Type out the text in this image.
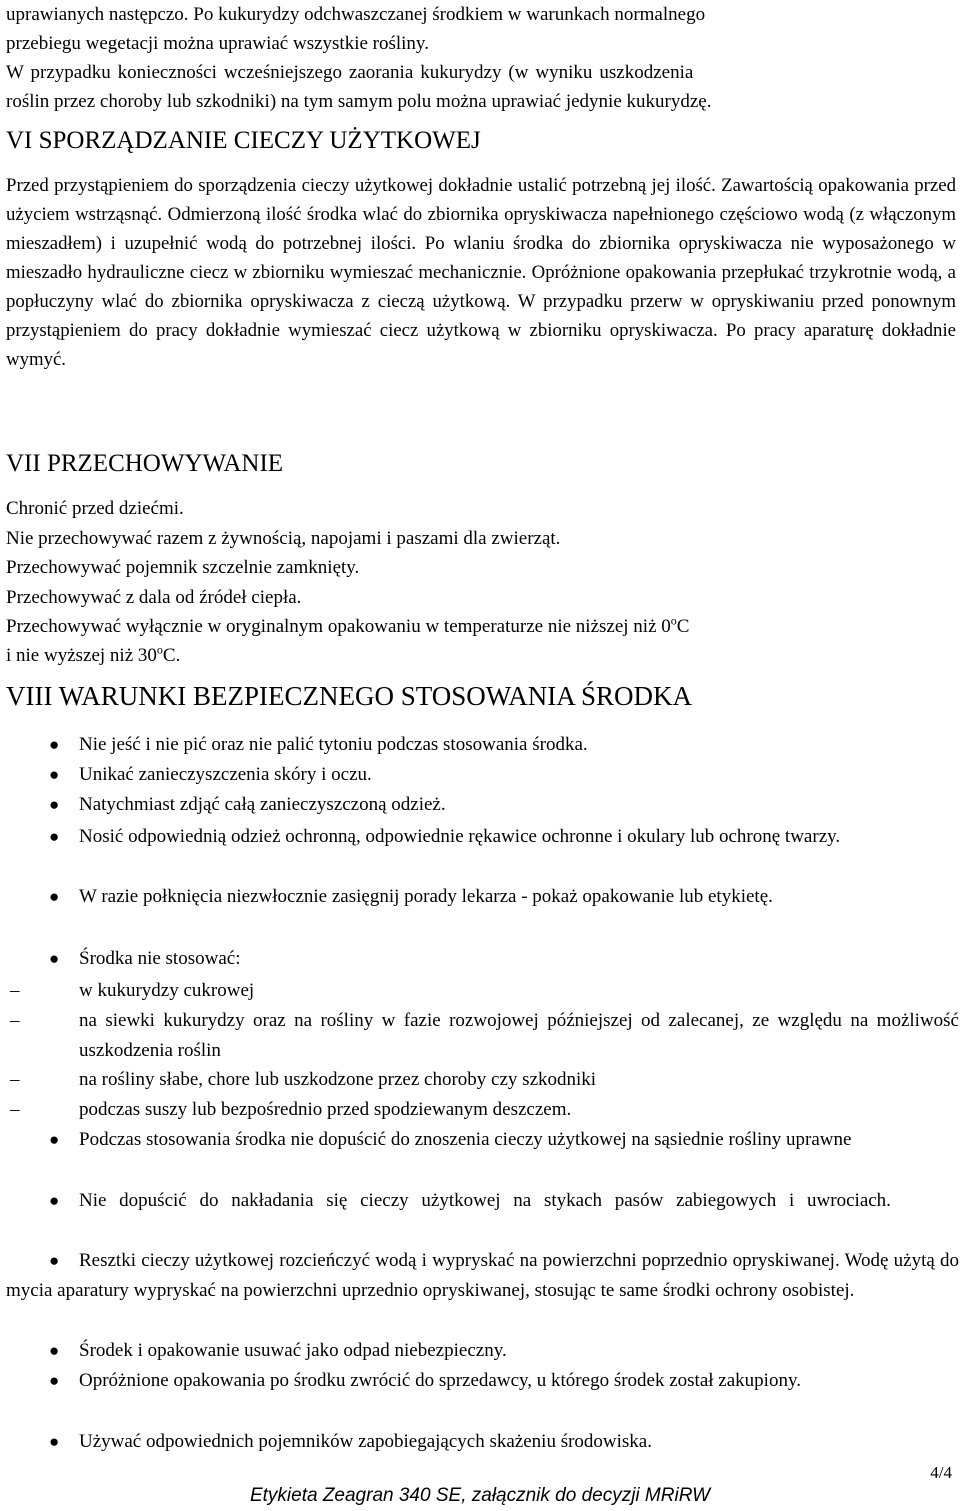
uprawianych następczo. Po kukurydzy odchwaszczanej środkiem w warunkach normalnego
przebiegu wegetacji można uprawiać wszystkie rośliny.
W przypadku konieczności wcześniejszego zaorania kukurydzy (w wyniku uszkodzenia
roślin przez choroby lub szkodniki) na tym samym polu można uprawiać jedynie kukurydzę.
VI SPORZĄDZANIE CIECZY UŻYTKOWEJ
Przed przystąpieniem do sporządzenia cieczy użytkowej dokładnie ustalić potrzebną jej ilość. Zawartością opakowania przed użyciem wstrząsnąć. Odmierzoną ilość środka wlać do zbiornika opryskiwacza napełnionego częściowo wodą (z włączonym mieszadłem) i uzupełnić wodą do potrzebnej ilości. Po wlaniu środka do zbiornika opryskiwacza nie wyposażonego w mieszadło hydrauliczne ciecz w zbiorniku wymieszać mechanicznie. Opróżnione opakowania przepłukać trzykrotnie wodą, a popłuczyny wlać do zbiornika opryskiwacza z cieczą użytkową. W przypadku przerw w opryskiwaniu przed ponownym przystąpieniem do pracy dokładnie wymieszać ciecz użytkową w zbiorniku opryskiwacza. Po pracy aparaturę dokładnie wymyć.
VII PRZECHOWYWANIE
Chronić przed dziećmi.
Nie przechowywać razem z żywnością, napojami i paszami dla zwierząt.
Przechowywać pojemnik szczelnie zamknięty.
Przechowywać z dala od źródeł ciepła.
Przechowywać wyłącznie w oryginalnym opakowaniu w temperaturze nie niższej niż 0$^o$C
i nie wyższej niż 30$^o$C.
VIII WARUNKI BEZPIECZNEGO STOSOWANIA ŚRODKA
Nie jeść i nie pić oraz nie palić tytoniu podczas stosowania środka.
Unikać zanieczyszczenia skóry i oczu.
Natychmiast zdjąć całą zanieczyszczoną odzież.
Nosić odpowiednią odzież ochronną, odpowiednie rękawice ochronne i okulary lub ochronę twarzy.
W razie połknięcia niezwłocznie zasięgnij porady lekarza - pokaż opakowanie lub etykietę.
Środka nie stosować:
w kukurydzy cukrowej
na siewki kukurydzy oraz na rośliny w fazie rozwojowej późniejszej od zalecanej, ze względu na możliwość uszkodzenia roślin
na rośliny słabe, chore lub uszkodzone przez choroby czy szkodniki
podczas suszy lub bezpośrednio przed spodziewanym deszczem.
Podczas stosowania środka nie dopuścić do znoszenia cieczy użytkowej na sąsiednie rośliny uprawne
Nie dopuścić do nakładania się cieczy użytkowej na stykach pasów zabiegowych i uwrociach.
Resztki cieczy użytkowej rozcieńczyć wodą i wypryskać na powierzchni poprzednio opryskiwanej. Wodę użytą do mycia aparatury wypryskać na powierzchni uprzednio opryskiwanej, stosując te same środki ochrony osobistej.
Środek i opakowanie usuwać jako odpad niebezpieczny.
Opróżnione opakowania po środku zwrócić do sprzedawcy, u którego środek został zakupiony.
Używać odpowiednich pojemników zapobiegających skażeniu środowiska.
●
●
●
●
●
●
●
●
●
●
●
●
–
–
–
–
4/4
Etykieta Zeagran 340 SE, załącznik do decyzji MRiRW
